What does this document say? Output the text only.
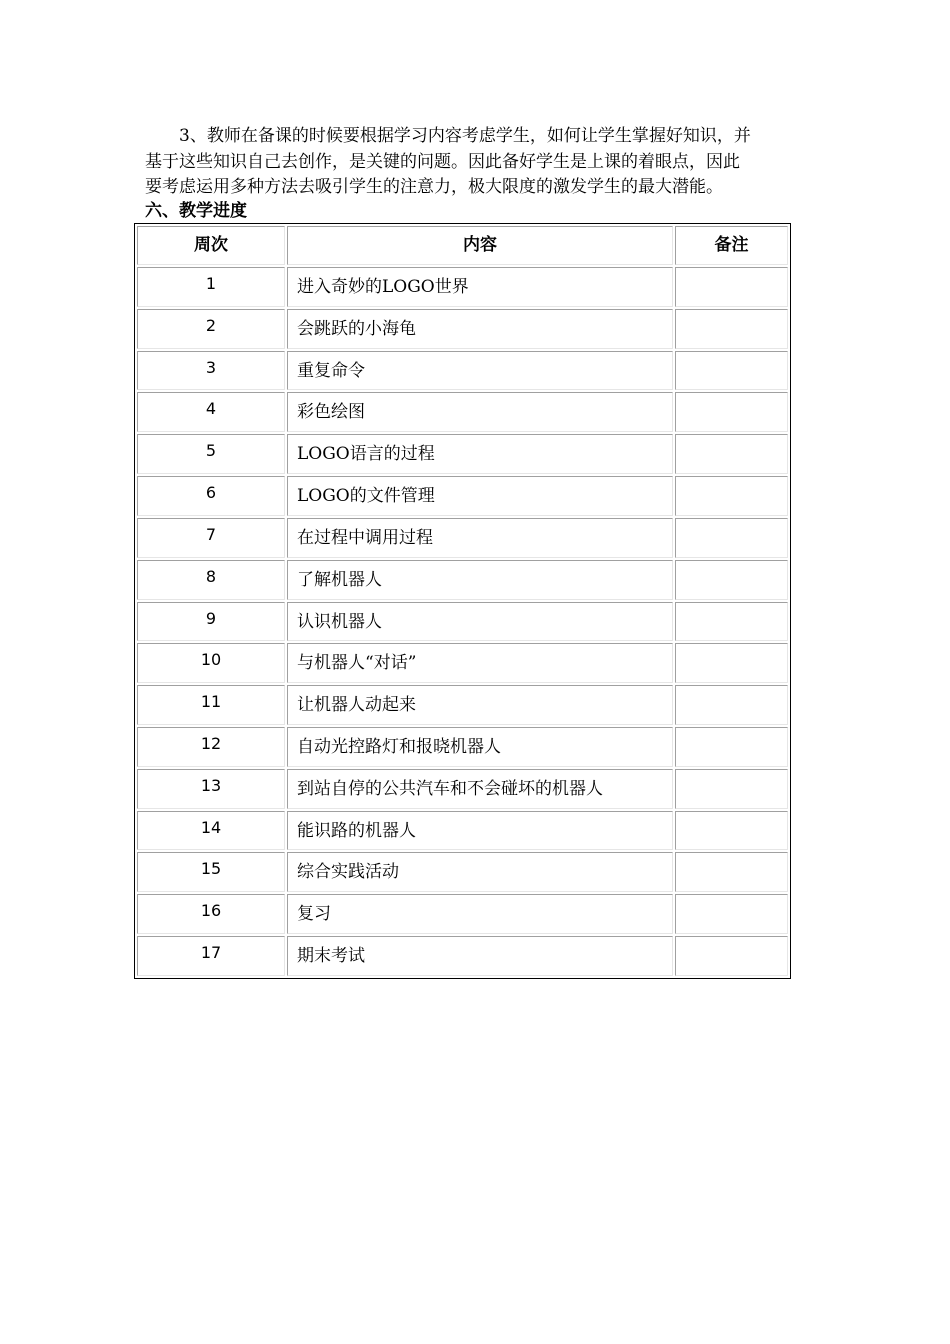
3、教师在备课的时候要根据学习内容考虑学生，如何让学生掌握好知识，并
基于这些知识自己去创作，是关键的问题。因此备好学生是上课的着眼点，因此
要考虑运用多种方法去吸引学生的注意力，极大限度的激发学生的最大潜能。
六、教学进度
周次	内容	备注
1	进入奇妙的LOGO世界	
2	会跳跃的小海龟	
3	重复命令	
4	彩色绘图	
5	LOGO语言的过程	
6	LOGO的文件管理	
7	在过程中调用过程	
8	了解机器人	
9	认识机器人	
10	与机器人“对话”	
11	让机器人动起来	
12	自动光控路灯和报晓机器人	
13	到站自停的公共汽车和不会碰坏的机器人	
14	能识路的机器人	
15	综合实践活动	
16	复习	
17	期末考试	
